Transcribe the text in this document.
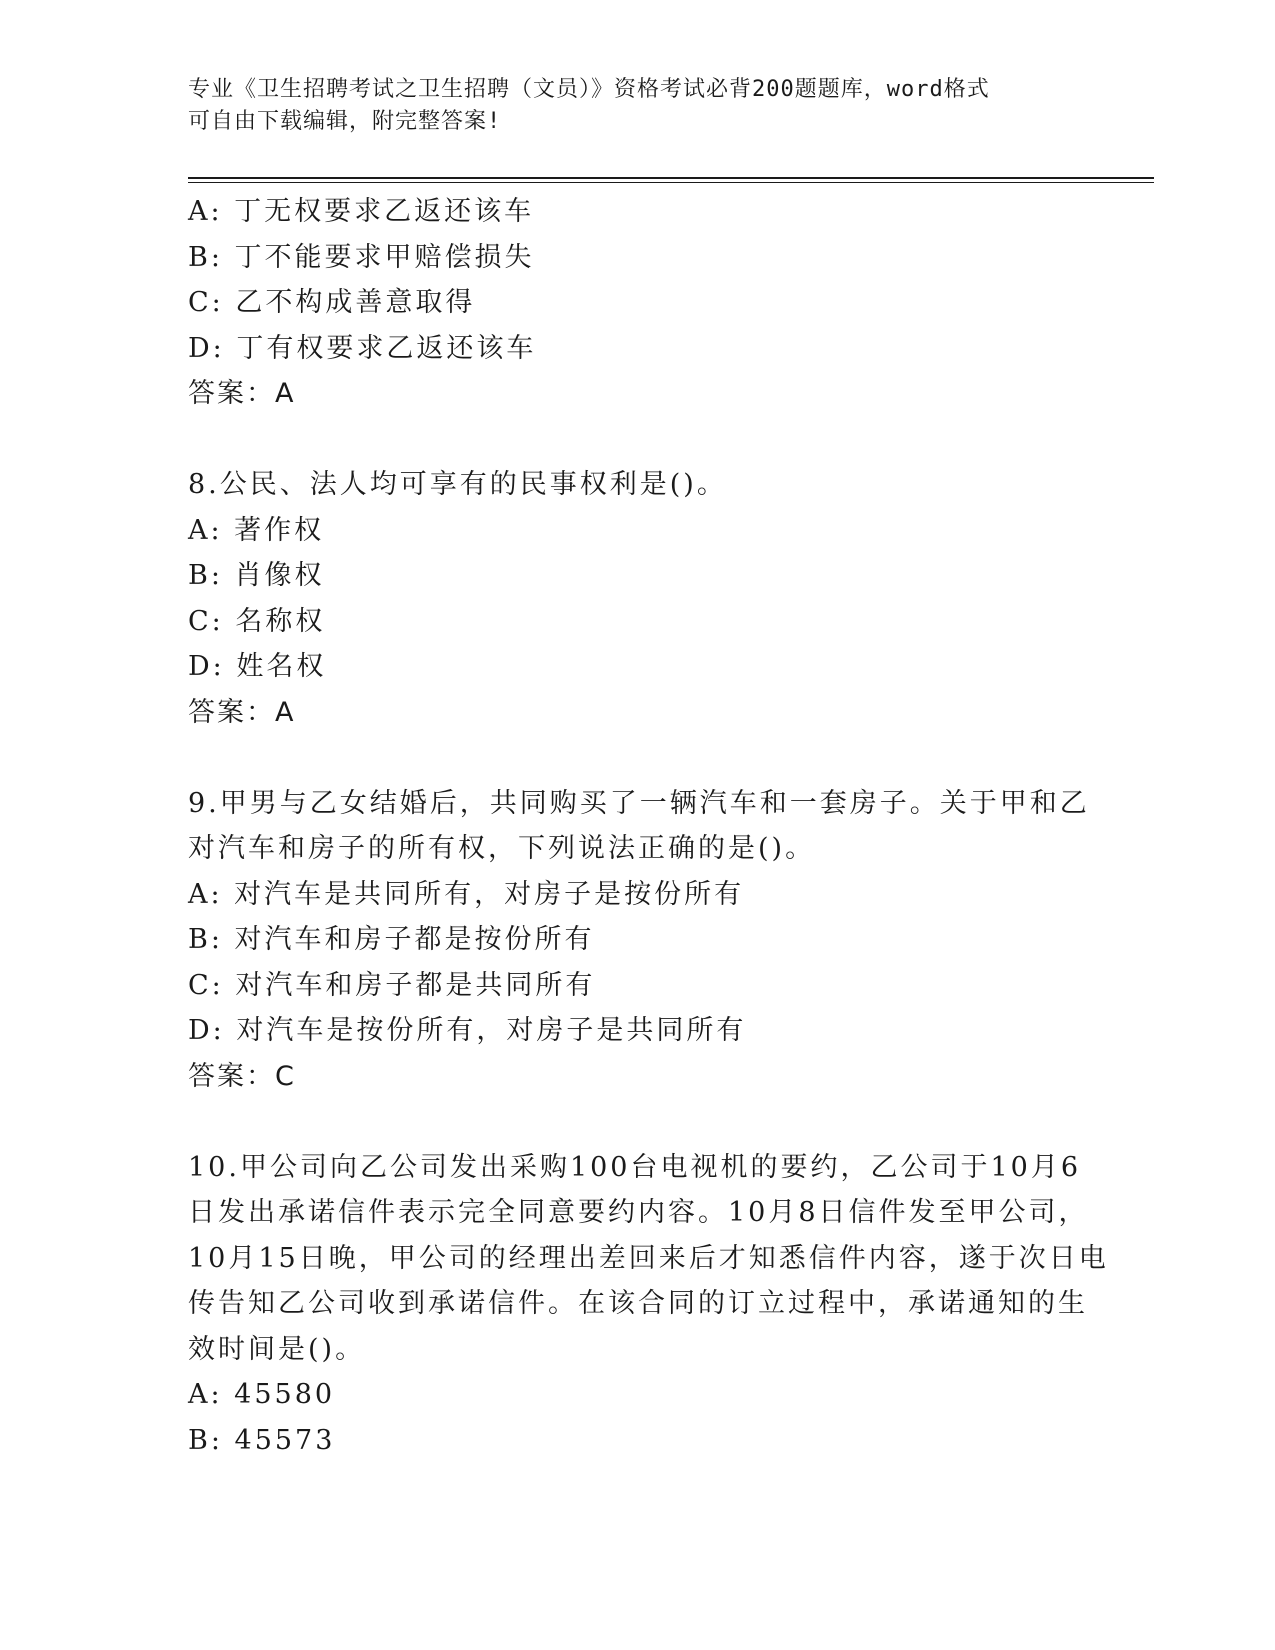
专业《卫生招聘考试之卫生招聘（文员）》资格考试必背200题题库，word格式
可自由下载编辑，附完整答案!
A: 丁无权要求乙返还该车
B: 丁不能要求甲赔偿损失
C: 乙不构成善意取得
D: 丁有权要求乙返还该车
答案：A
8.公民、法人均可享有的民事权利是()。
A: 著作权
B: 肖像权
C: 名称权
D: 姓名权
答案：A
9.甲男与乙女结婚后，共同购买了一辆汽车和一套房子。关于甲和乙
对汽车和房子的所有权，下列说法正确的是()。
A: 对汽车是共同所有，对房子是按份所有
B: 对汽车和房子都是按份所有
C: 对汽车和房子都是共同所有
D: 对汽车是按份所有，对房子是共同所有
答案：C
10.甲公司向乙公司发出采购100台电视机的要约，乙公司于10月6
日发出承诺信件表示完全同意要约内容。10月8日信件发至甲公司，
10月15日晚，甲公司的经理出差回来后才知悉信件内容，遂于次日电
传告知乙公司收到承诺信件。在该合同的订立过程中，承诺通知的生
效时间是()。
A: 45580
B: 45573
